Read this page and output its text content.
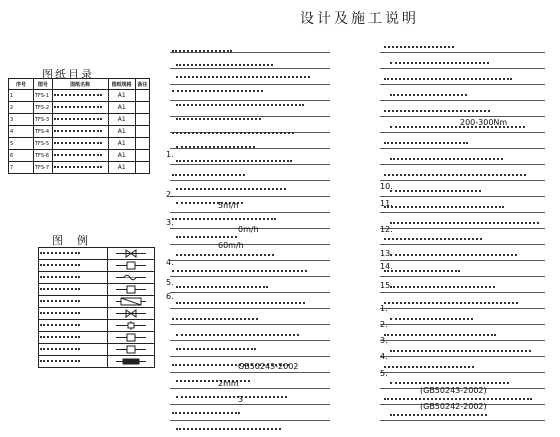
设计及施工说明
图纸目录
序号	图号	图纸名称	图纸规格	备注
1	TFS-1		A1	
2	TFS-2		A1	
3	TFS-3		A1	
4	TFS-4		A1	
5	TFS-5		A1	
6	TFS-6		A1	
7	TFS-7		A1	
图例

5m/h
0m/h
60m/h
GB50243-2002
2mm
3
1.
2.
3.
4.
5.
6.
200-300Nm
10.
11.
12.
13.
14.
15.
1.
2.
3.
4.
5.
(GB50243-2002)
(GB50242-2002)
